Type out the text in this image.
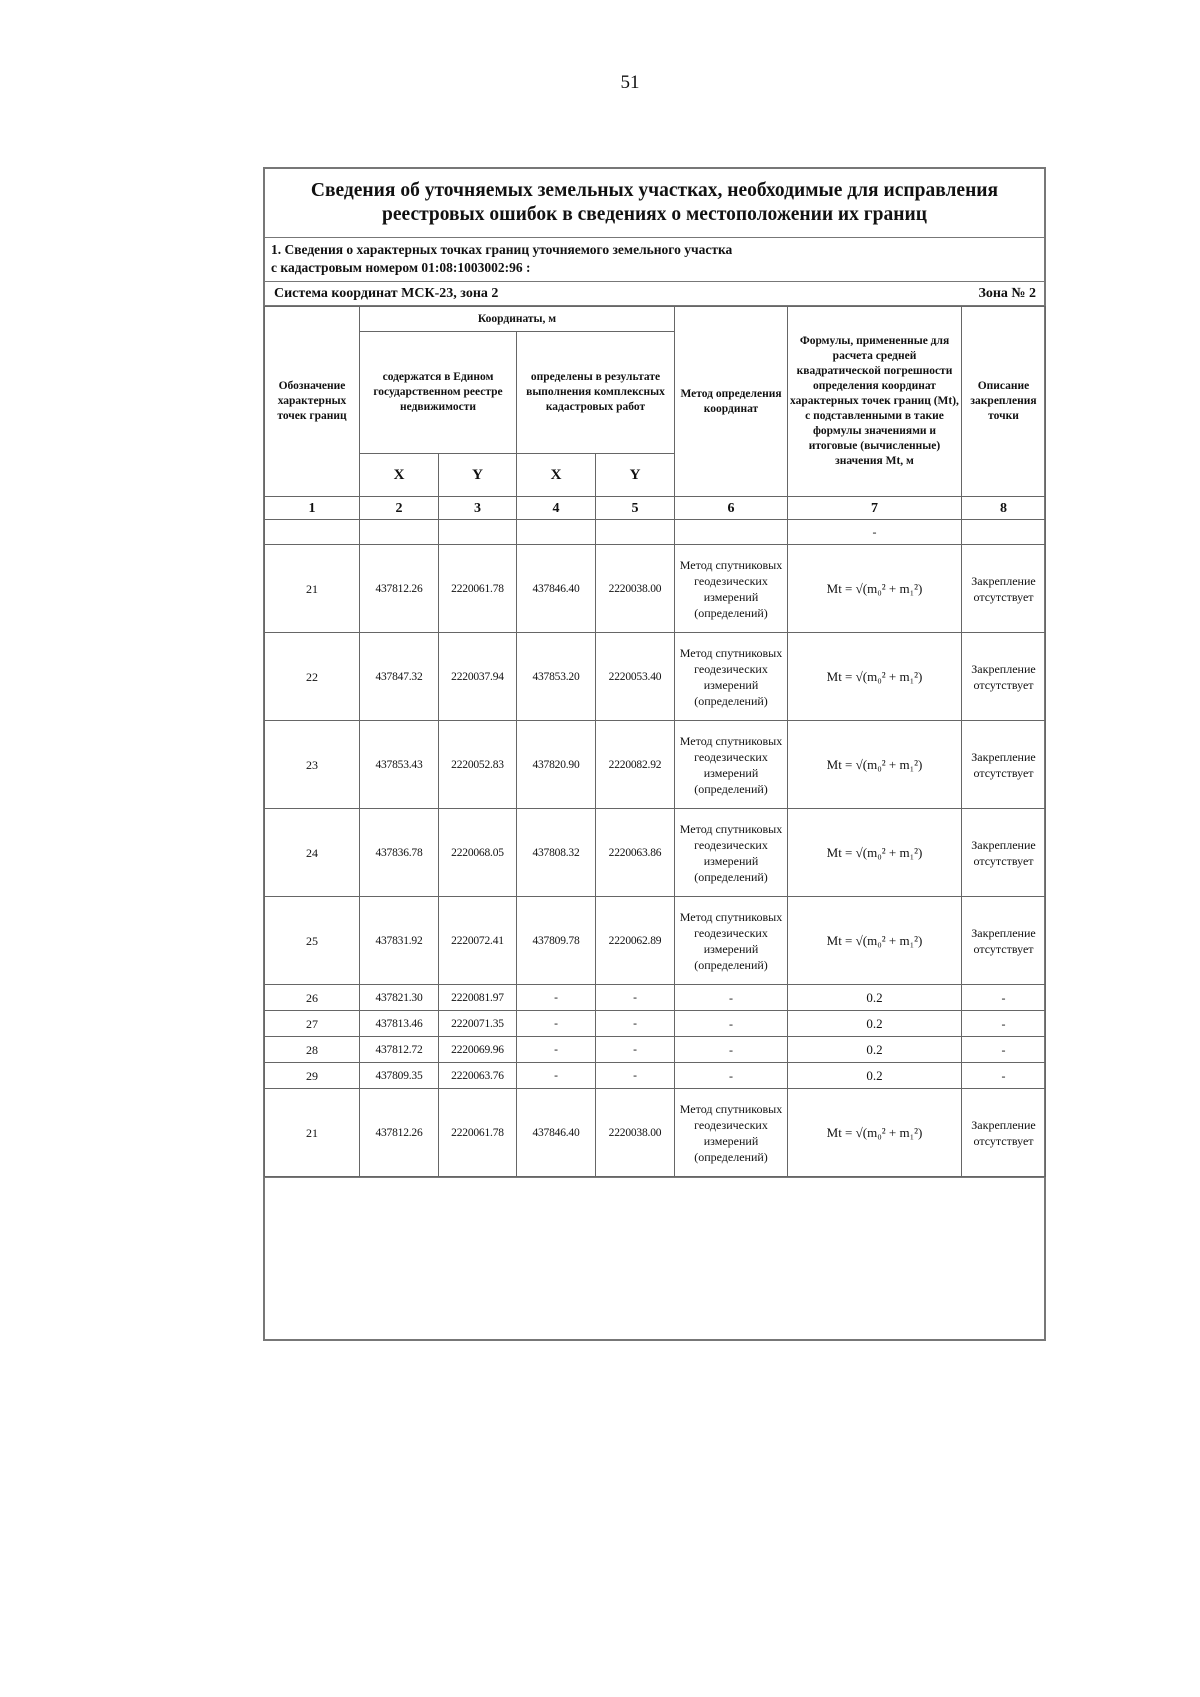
51
Сведения об уточняемых земельных участках, необходимые для исправления
реестровых ошибок в сведениях о местоположении их границ
1. Сведения о характерных точках границ уточняемого земельного участка
с кадастровым номером 01:08:1003002:96 :
Система координат МСК-23, зона 2	Зона № 2
Обозначение характерных точек границ	Координаты, м				Метод определения координат	Формулы, примененные для расчета средней квадратической погрешности определения координат характерных точек границ (Mt), с подставленными в такие формулы значениями и итоговые (вычисленные) значения Mt, м	Описание закрепления точки
	содержатся в Едином государственном реестре недвижимости		определены в результате выполнения комплексных кадастровых работ				
	X	Y	X	Y			
1	2	3	4	5	6	7	8
						-	
21	437812.26	2220061.78	437846.40	2220038.00	Метод спутниковых геодезических измерений (определений)	Mt = √(m₀² + m₁²)	Закрепление отсутствует
22	437847.32	2220037.94	437853.20	2220053.40	Метод спутниковых геодезических измерений (определений)	Mt = √(m₀² + m₁²)	Закрепление отсутствует
23	437853.43	2220052.83	437820.90	2220082.92	Метод спутниковых геодезических измерений (определений)	Mt = √(m₀² + m₁²)	Закрепление отсутствует
24	437836.78	2220068.05	437808.32	2220063.86	Метод спутниковых геодезических измерений (определений)	Mt = √(m₀² + m₁²)	Закрепление отсутствует
25	437831.92	2220072.41	437809.78	2220062.89	Метод спутниковых геодезических измерений (определений)	Mt = √(m₀² + m₁²)	Закрепление отсутствует
26	437821.30	2220081.97	-	-	-	0.2	-
27	437813.46	2220071.35	-	-	-	0.2	-
28	437812.72	2220069.96	-	-	-	0.2	-
29	437809.35	2220063.76	-	-	-	0.2	-
21	437812.26	2220061.78	437846.40	2220038.00	Метод спутниковых геодезических измерений (определений)	Mt = √(m₀² + m₁²)	Закрепление отсутствует
